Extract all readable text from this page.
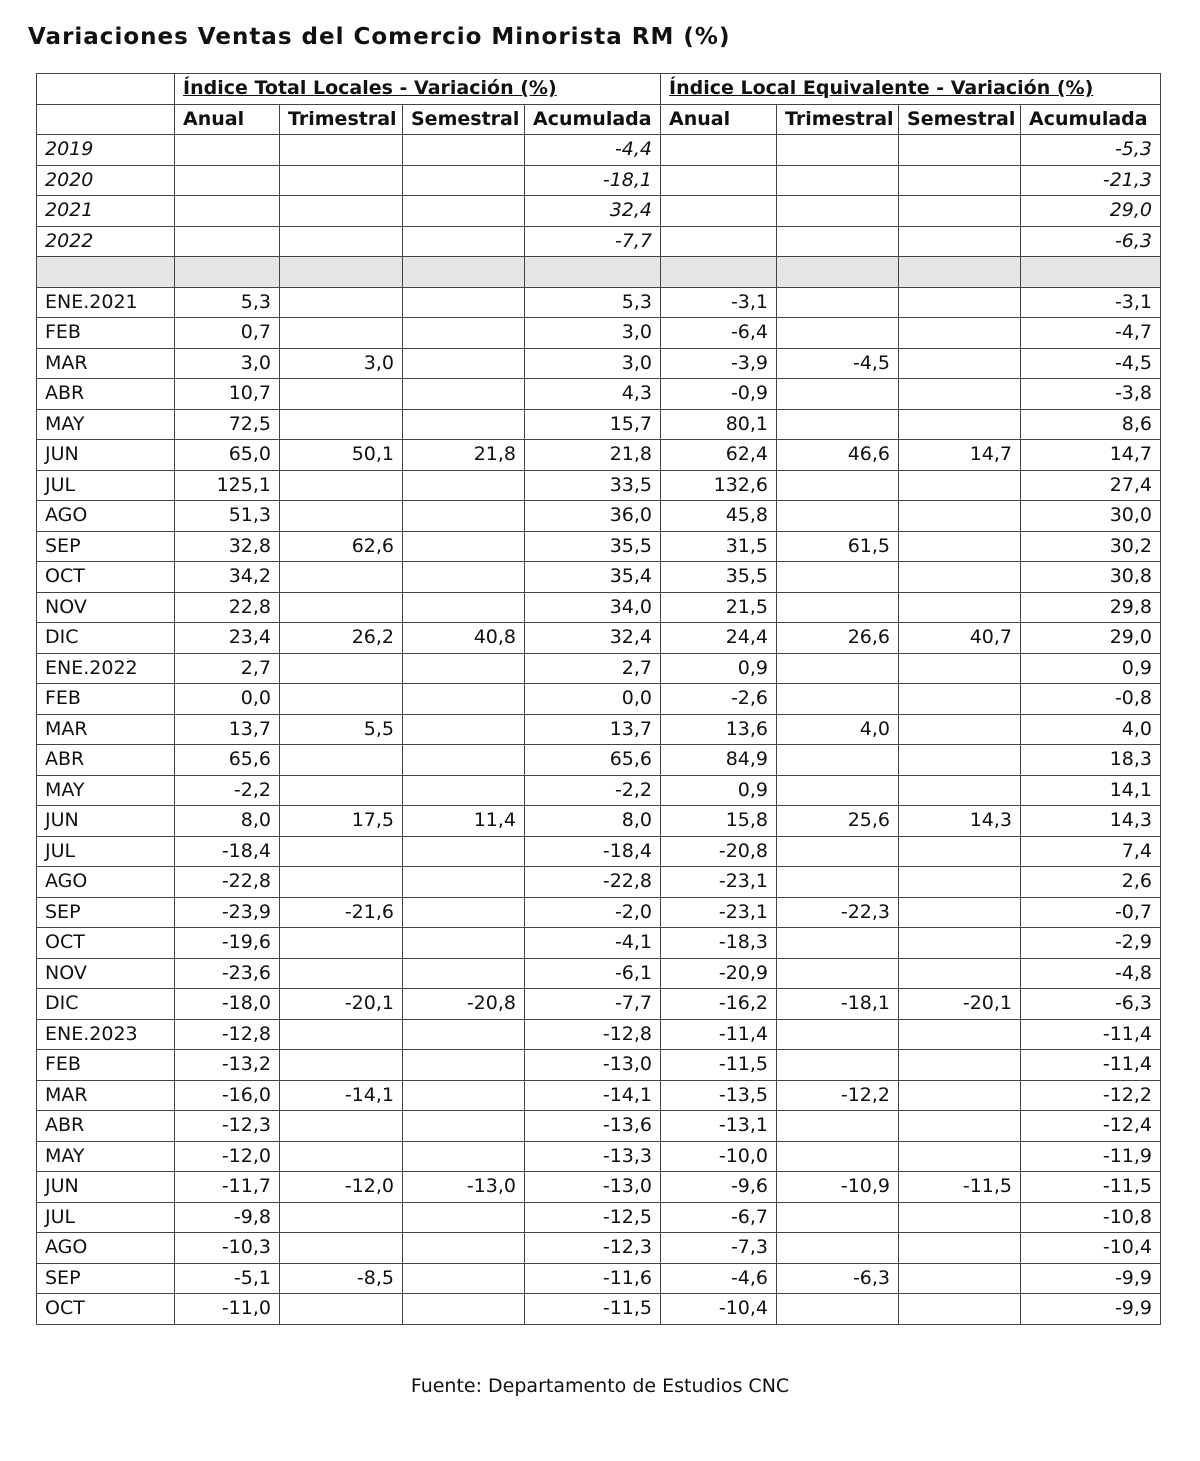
Variaciones Ventas del Comercio Minorista RM (%)
	Índice Total Locales - Variación (%)				Índice Local Equivalente - Variación (%)			
	Anual	Trimestral	Semestral	Acumulada	Anual	Trimestral	Semestral	Acumulada
2019				-4,4				-5,3
2020				-18,1				-21,3
2021				32,4				29,0
2022				-7,7				-6,3

ENE.2021	5,3			5,3	-3,1			-3,1
FEB	0,7			3,0	-6,4			-4,7
MAR	3,0	3,0		3,0	-3,9	-4,5		-4,5
ABR	10,7			4,3	-0,9			-3,8
MAY	72,5			15,7	80,1			8,6
JUN	65,0	50,1	21,8	21,8	62,4	46,6	14,7	14,7
JUL	125,1			33,5	132,6			27,4
AGO	51,3			36,0	45,8			30,0
SEP	32,8	62,6		35,5	31,5	61,5		30,2
OCT	34,2			35,4	35,5			30,8
NOV	22,8			34,0	21,5			29,8
DIC	23,4	26,2	40,8	32,4	24,4	26,6	40,7	29,0
ENE.2022	2,7			2,7	0,9			0,9
FEB	0,0			0,0	-2,6			-0,8
MAR	13,7	5,5		13,7	13,6	4,0		4,0
ABR	65,6			65,6	84,9			18,3
MAY	-2,2			-2,2	0,9			14,1
JUN	8,0	17,5	11,4	8,0	15,8	25,6	14,3	14,3
JUL	-18,4			-18,4	-20,8			7,4
AGO	-22,8			-22,8	-23,1			2,6
SEP	-23,9	-21,6		-2,0	-23,1	-22,3		-0,7
OCT	-19,6			-4,1	-18,3			-2,9
NOV	-23,6			-6,1	-20,9			-4,8
DIC	-18,0	-20,1	-20,8	-7,7	-16,2	-18,1	-20,1	-6,3
ENE.2023	-12,8			-12,8	-11,4			-11,4
FEB	-13,2			-13,0	-11,5			-11,4
MAR	-16,0	-14,1		-14,1	-13,5	-12,2		-12,2
ABR	-12,3			-13,6	-13,1			-12,4
MAY	-12,0			-13,3	-10,0			-11,9
JUN	-11,7	-12,0	-13,0	-13,0	-9,6	-10,9	-11,5	-11,5
JUL	-9,8			-12,5	-6,7			-10,8
AGO	-10,3			-12,3	-7,3			-10,4
SEP	-5,1	-8,5		-11,6	-4,6	-6,3		-9,9
OCT	-11,0			-11,5	-10,4			-9,9
Fuente: Departamento de Estudios CNC
